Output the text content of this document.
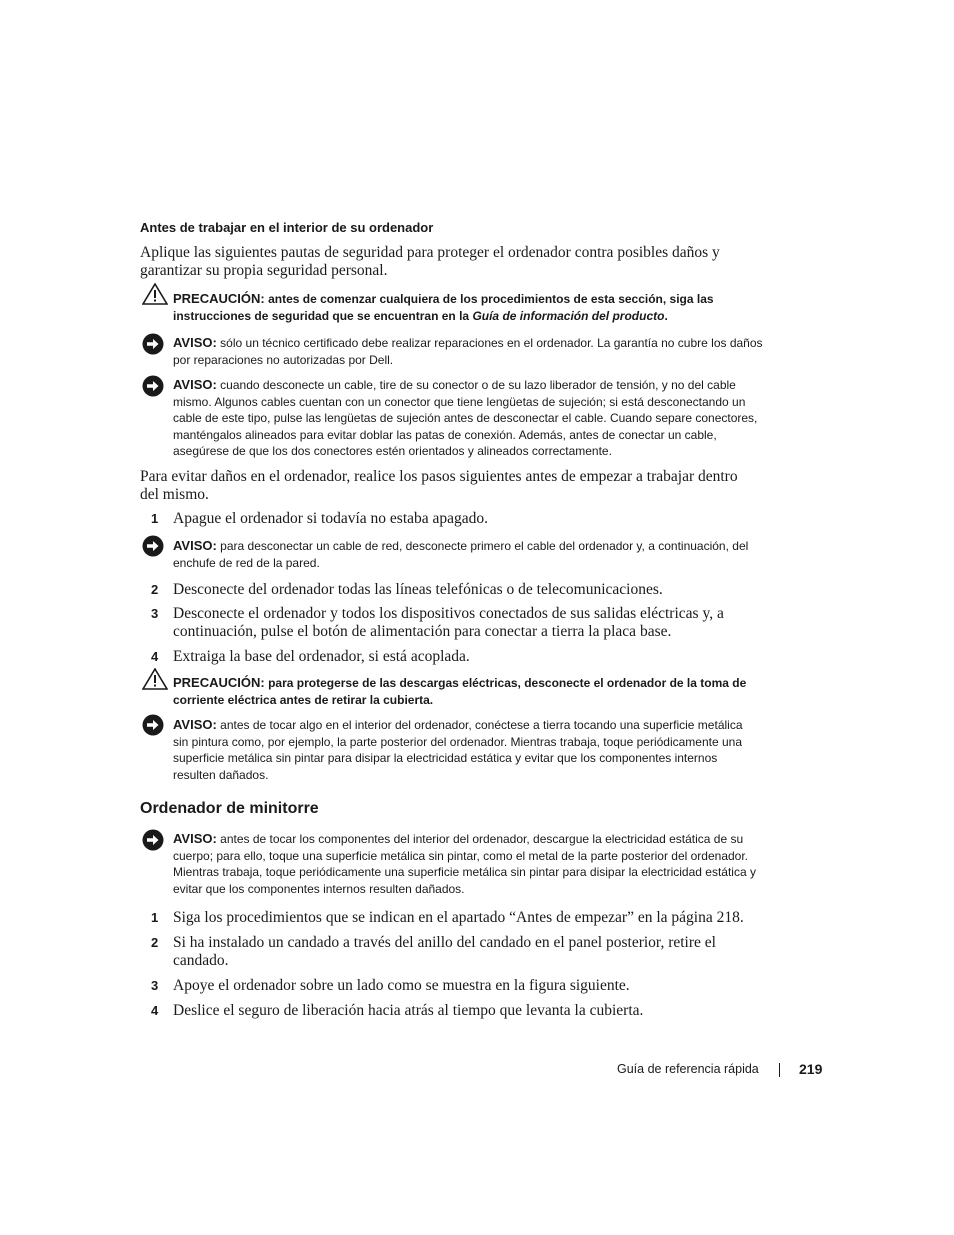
Antes de trabajar en el interior de su ordenador
Aplique las siguientes pautas de seguridad para proteger el ordenador contra posibles daños y garantizar su propia seguridad personal.
PRECAUCIÓN: antes de comenzar cualquiera de los procedimientos de esta sección, siga las instrucciones de seguridad que se encuentran en la Guía de información del producto.
AVISO: sólo un técnico certificado debe realizar reparaciones en el ordenador. La garantía no cubre los daños por reparaciones no autorizadas por Dell.
AVISO: cuando desconecte un cable, tire de su conector o de su lazo liberador de tensión, y no del cable mismo. Algunos cables cuentan con un conector que tiene lengüetas de sujeción; si está desconectando un cable de este tipo, pulse las lengüetas de sujeción antes de desconectar el cable. Cuando separe conectores, manténgalos alineados para evitar doblar las patas de conexión. Además, antes de conectar un cable, asegúrese de que los dos conectores estén orientados y alineados correctamente.
Para evitar daños en el ordenador, realice los pasos siguientes antes de empezar a trabajar dentro del mismo.
1 Apague el ordenador si todavía no estaba apagado.
AVISO: para desconectar un cable de red, desconecte primero el cable del ordenador y, a continuación, del enchufe de red de la pared.
2 Desconecte del ordenador todas las líneas telefónicas o de telecomunicaciones.
3 Desconecte el ordenador y todos los dispositivos conectados de sus salidas eléctricas y, a continuación, pulse el botón de alimentación para conectar a tierra la placa base.
4 Extraiga la base del ordenador, si está acoplada.
PRECAUCIÓN: para protegerse de las descargas eléctricas, desconecte el ordenador de la toma de corriente eléctrica antes de retirar la cubierta.
AVISO: antes de tocar algo en el interior del ordenador, conéctese a tierra tocando una superficie metálica sin pintura como, por ejemplo, la parte posterior del ordenador. Mientras trabaja, toque periódicamente una superficie metálica sin pintar para disipar la electricidad estática y evitar que los componentes internos resulten dañados.
Ordenador de minitorre
AVISO: antes de tocar los componentes del interior del ordenador, descargue la electricidad estática de su cuerpo; para ello, toque una superficie metálica sin pintar, como el metal de la parte posterior del ordenador. Mientras trabaja, toque periódicamente una superficie metálica sin pintar para disipar la electricidad estática y evitar que los componentes internos resulten dañados.
1 Siga los procedimientos que se indican en el apartado “Antes de empezar” en la página 218.
2 Si ha instalado un candado a través del anillo del candado en el panel posterior, retire el candado.
3 Apoye el ordenador sobre un lado como se muestra en la figura siguiente.
4 Deslice el seguro de liberación hacia atrás al tiempo que levanta la cubierta.
Guía de referencia rápida	219
